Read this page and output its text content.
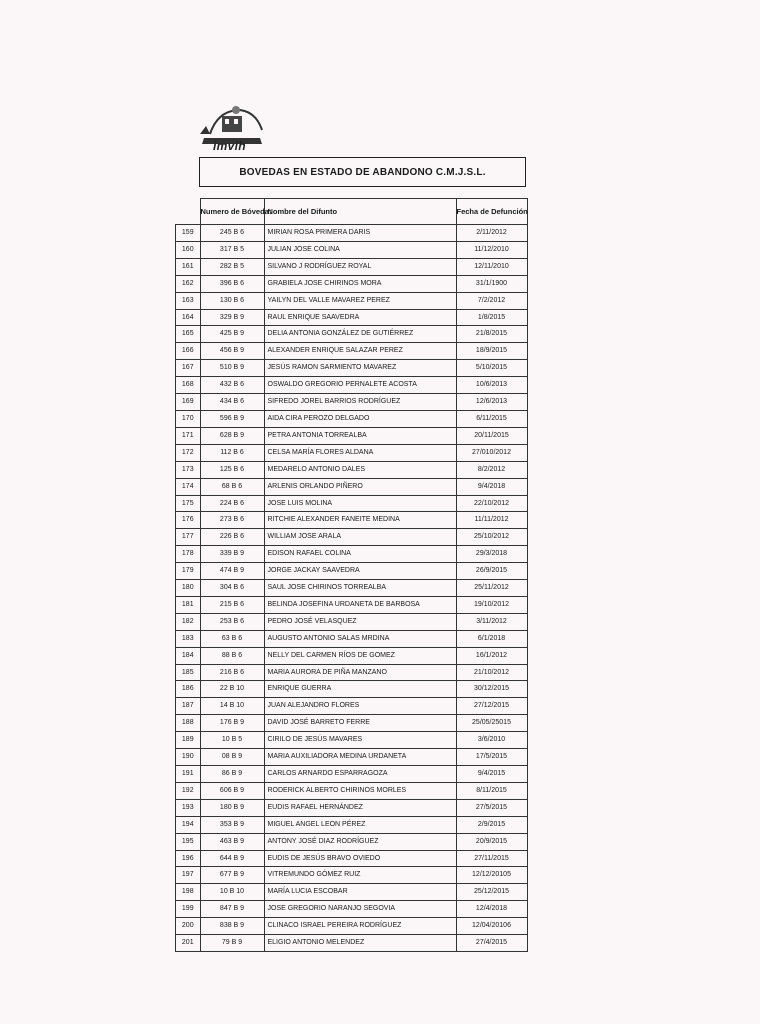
imvih
BOVEDAS EN ESTADO DE ABANDONO C.M.J.S.L.
	Numero de Bóveda:	Nombre del Difunto	Fecha de Defunción
159	245 B 6	MIRIAN ROSA PRIMERA DARIS	2/11/2012
160	317 B 5	JULIAN JOSE COLINA	11/12/2010
161	282 B 5	SILVANO J RODRÍGUEZ ROYAL	12/11/2010
162	396 B 6	GRABIELA JOSE CHIRINOS MORA	31/1/1900
163	130 B 6	YAILYN DEL VALLE MAVAREZ PEREZ	7/2/2012
164	329 B 9	RAUL ENRIQUE SAAVEDRA	1/8/2015
165	425 B 9	DELIA ANTONIA GONZÁLEZ DE GUTIÉRREZ	21/8/2015
166	456 B 9	ALEXANDER ENRIQUE SALAZAR PEREZ	18/9/2015
167	510 B 9	JESÚS RAMON SARMIENTO MAVAREZ	5/10/2015
168	432 B 6	OSWALDO GREGORIO PERNALETE ACOSTA	10/6/2013
169	434 B 6	SIFREDO JOREL BARRIOS RODRÍGUEZ	12/6/2013
170	596 B 9	AIDA CIRA PEROZO DELGADO	6/11/2015
171	628 B 9	PETRA ANTONIA TORREALBA	20/11/2015
172	112 B 6	CELSA MARÍA FLORES ALDANA	27/010/2012
173	125 B 6	MEDARELO ANTONIO DALES	8/2/2012
174	68 B 6	ARLENIS ORLANDO PIÑERO	9/4/2018
175	224 B 6	JOSE LUIS MOLINA	22/10/2012
176	273 B 6	RITCHIE ALEXANDER FANEITE MEDINA	11/11/2012
177	226 B 6	WILLIAM JOSE ARALA	25/10/2012
178	339 B 9	EDISON RAFAEL COLINA	29/3/2018
179	474 B 9	JORGE JACKAY SAAVEDRA	26/9/2015
180	304 B 6	SAUL JOSE CHIRINOS TORREALBA	25/11/2012
181	215 B 6	BELINDA JOSEFINA URDANETA DE BARBOSA	19/10/2012
182	253 B 6	PEDRO JOSÉ VELASQUEZ	3/11/2012
183	63 B 6	AUGUSTO ANTONIO SALAS MRDINA	6/1/2018
184	88 B 6	NELLY DEL CARMEN RÍOS DE GOMEZ	16/1/2012
185	216 B 6	MARIA AURORA DE PIÑA MANZANO	21/10/2012
186	22 B 10	ENRIQUE GUERRA	30/12/2015
187	14 B 10	JUAN ALEJANDRO FLORES	27/12/2015
188	176 B 9	DAVID JOSÉ BARRETO FERRE	25/05/25015
189	10 B 5	CIRILO DE JESÚS MAVARES	3/6/2010
190	08 B 9	MARIA AUXILIADORA MEDINA URDANETA	17/5/2015
191	86 B 9	CARLOS ARNARDO ESPARRAGOZA	9/4/2015
192	606 B 9	RODERICK ALBERTO CHIRINOS MORLES	8/11/2015
193	180 B 9	EUDIS RAFAEL HERNÁNDEZ	27/5/2015
194	353 B 9	MIGUEL ANGEL LEON PÉREZ	2/9/2015
195	463 B 9	ANTONY JOSÉ DIAZ RODRÍGUEZ	20/9/2015
196	644 B 9	EUDIS DE JESÚS BRAVO OVIEDO	27/11/2015
197	677 B 9	VITREMUNDO GÓMEZ RUIZ	12/12/20105
198	10 B 10	MARÍA LUCIA ESCOBAR	25/12/2015
199	847 B 9	JOSE GREGORIO NARANJO SEGOVIA	12/4/2018
200	838 B 9	CLINACO ISRAEL PEREIRA RODRÍGUEZ	12/04/20106
201	79 B 9	ELIGIO ANTONIO MELENDEZ	27/4/2015
